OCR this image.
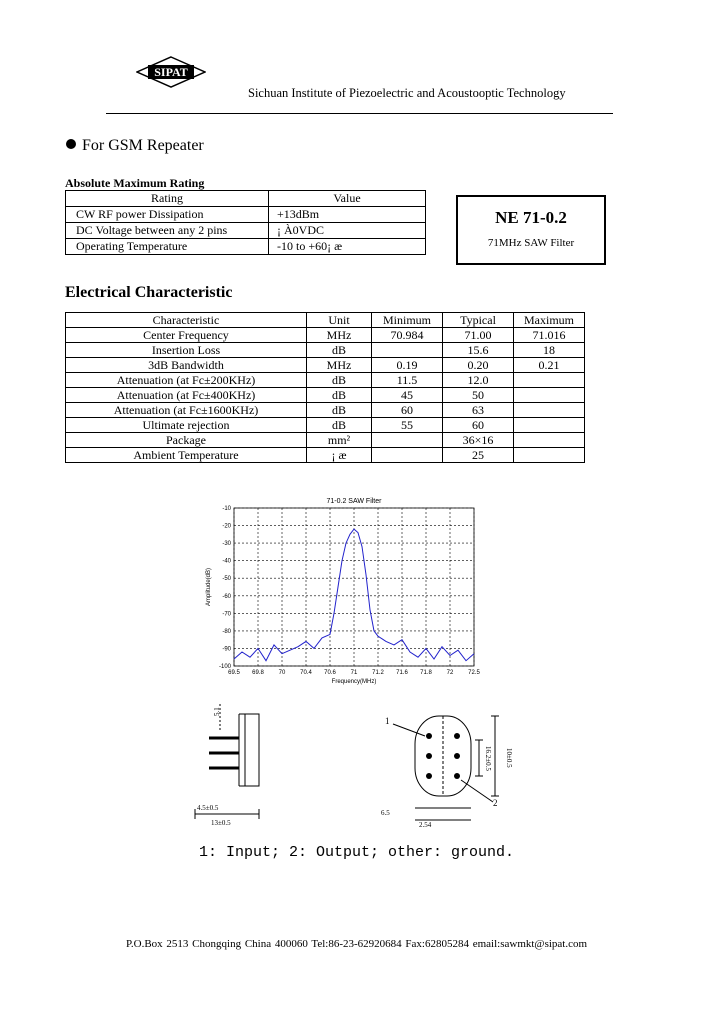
SIPAT
Sichuan Institute of Piezoelectric and Acoustooptic Technology
For GSM Repeater
Absolute Maximum Rating
Rating	Value
CW RF power Dissipation	+13dBm
DC Voltage between any 2 pins	¡ À0VDC
Operating Temperature	-10 to +60¡ æ
NE 71-0.2
71MHz SAW Filter
Electrical Characteristic
Characteristic	Unit	Minimum	Typical	Maximum
Center Frequency	MHz	70.984	71.00	71.016
Insertion Loss	dB		15.6	18
3dB Bandwidth	MHz	0.19	0.20	0.21
Attenuation (at Fc±200KHz)	dB	11.5	12.0	
Attenuation (at Fc±400KHz)	dB	45	50	
Attenuation (at Fc±1600KHz)	dB	60	63	
Ultimate rejection	dB	55	60	
Package	mm²		36×16	
Ambient Temperature	¡ æ		25	
71-0.2 SAW Filter
69.5 69.8 70 70.4 70.6 71 71.2 71.6 71.8 72 72.5
-10
-20
-30
-40
-50
-60
-70
-80
-90
-100
Frequency(MHz)
Amplitude(dB)
5.1
4.5±0.5
13±0.5
1
2
10±0.5
16.2±0.5
6.5
2.54
1: Input; 2: Output; other: ground.
P.O.Box 2513 Chongqing China 400060 Tel:86-23-62920684 Fax:62805284 email:sawmkt@sipat.com
